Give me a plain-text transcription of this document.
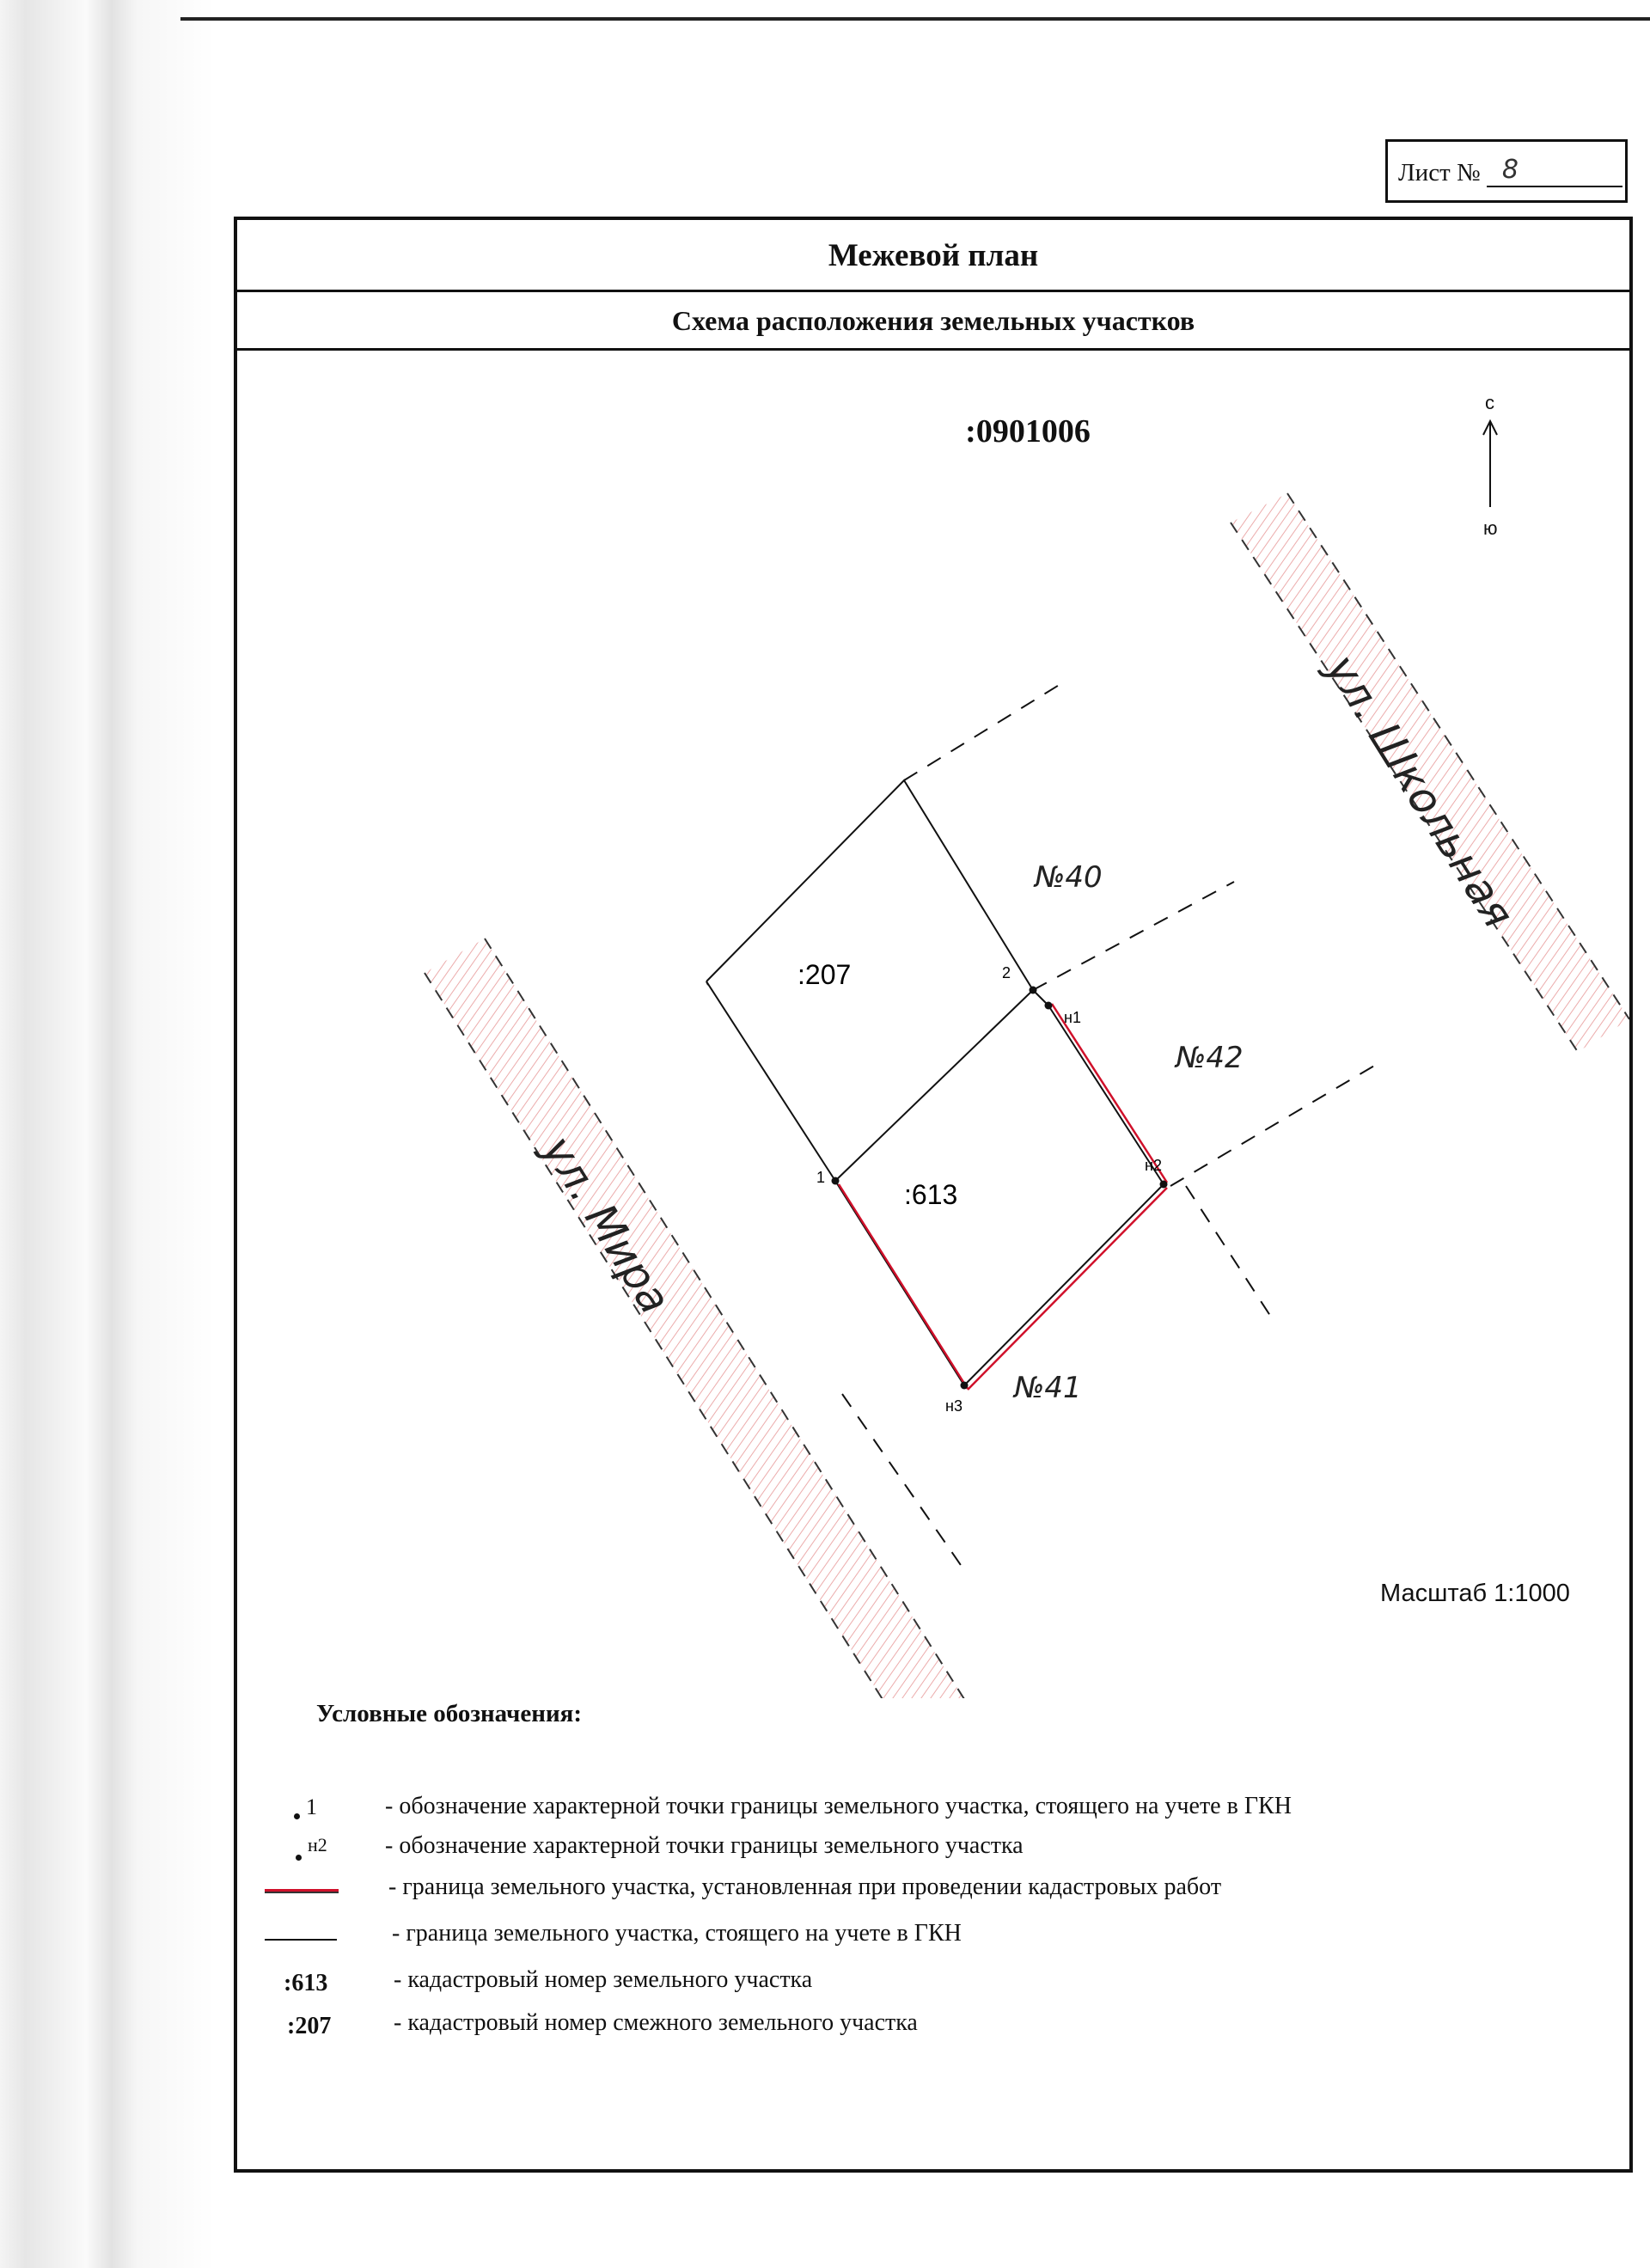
Лист № 8
Межевой план
Схема расположения земельных участков
:0901006
с
ю
1
2
н1
н2
н3
:207
:613
№40
№42
№41
ул. Мира
ул. Школьная
Масштаб 1:1000
Условные обозначения:
1	- обозначение характерной точки границы земельного участка, стоящего на учете в ГКН
н2 - обозначение характерной точки границы земельного участка
- граница земельного участка, установленная при проведении кадастровых работ
- граница земельного участка, стоящего на учете в ГКН
:613	- кадастровый номер земельного участка
:207	- кадастровый номер смежного земельного участка
